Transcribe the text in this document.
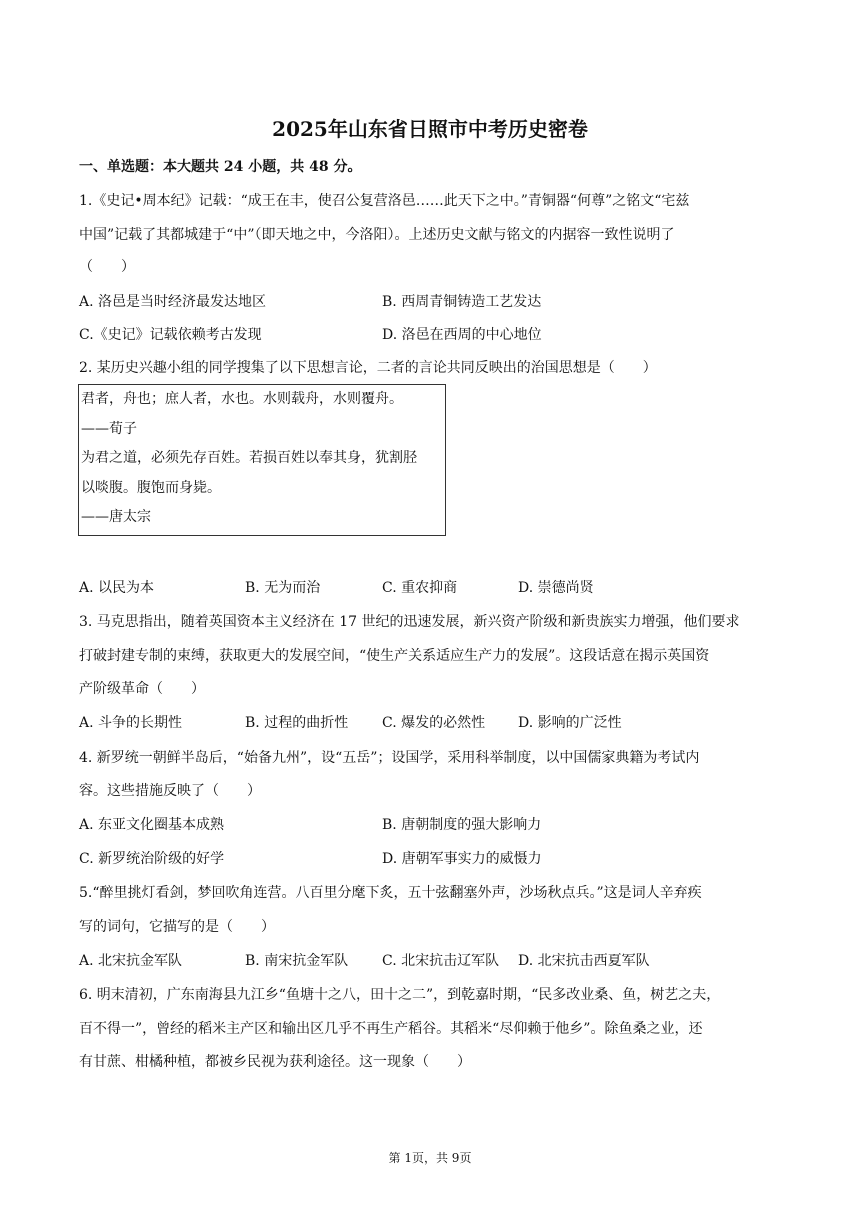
2025年山东省日照市中考历史密卷
一、单选题：本大题共 24 小题，共 48 分。
1.《史记•周本纪》记载：“成王在丰，使召公复营洛邑……此天下之中。”青铜器“何尊”之铭文“宅兹
中国”记载了其都城建于“中”（即天地之中，今洛阳）。上述历史文献与铭文的内据容一致性说明了
（　　）
A. 洛邑是当时经济最发达地区	B. 西周青铜铸造工艺发达
C.《史记》记载依赖考古发现	D. 洛邑在西周的中心地位
2. 某历史兴趣小组的同学搜集了以下思想言论，二者的言论共同反映出的治国思想是（　　）
君者，舟也；庶人者，水也。水则载舟，水则覆舟。
——荀子
为君之道，必须先存百姓。若损百姓以奉其身，犹割胫
以啖腹。腹饱而身毙。
——唐太宗
A. 以民为本	B. 无为而治	C. 重农抑商	D. 崇德尚贤
3. 马克思指出，随着英国资本主义经济在 17 世纪的迅速发展，新兴资产阶级和新贵族实力增强，他们要求
打破封建专制的束缚，获取更大的发展空间，“使生产关系适应生产力的发展”。这段话意在揭示英国资
产阶级革命（　　）
A. 斗争的长期性	B. 过程的曲折性 C. 爆发的必然性 D. 影响的广泛性
4. 新罗统一朝鲜半岛后，“始备九州”，设“五岳”；设国学，采用科举制度，以中国儒家典籍为考试内
容。这些措施反映了（　　）
A. 东亚文化圈基本成熟	B. 唐朝制度的强大影响力
C. 新罗统治阶级的好学	D. 唐朝军事实力的威慑力
5.“醉里挑灯看剑，梦回吹角连营。八百里分麾下炙，五十弦翻塞外声，沙场秋点兵。”这是词人辛弃疾
写的词句，它描写的是（　　）
A. 北宋抗金军队	B. 南宋抗金军队 C. 北宋抗击辽军队 D. 北宋抗击西夏军队
6. 明末清初，广东南海县九江乡“鱼塘十之八，田十之二”，到乾嘉时期，“民多改业桑、鱼，树艺之夫，
百不得一”，曾经的稻米主产区和输出区几乎不再生产稻谷。其稻米“尽仰赖于他乡”。除鱼桑之业，还
有甘蔗、柑橘种植，都被乡民视为获利途径。这一现象（　　）
第 1页，共 9页
